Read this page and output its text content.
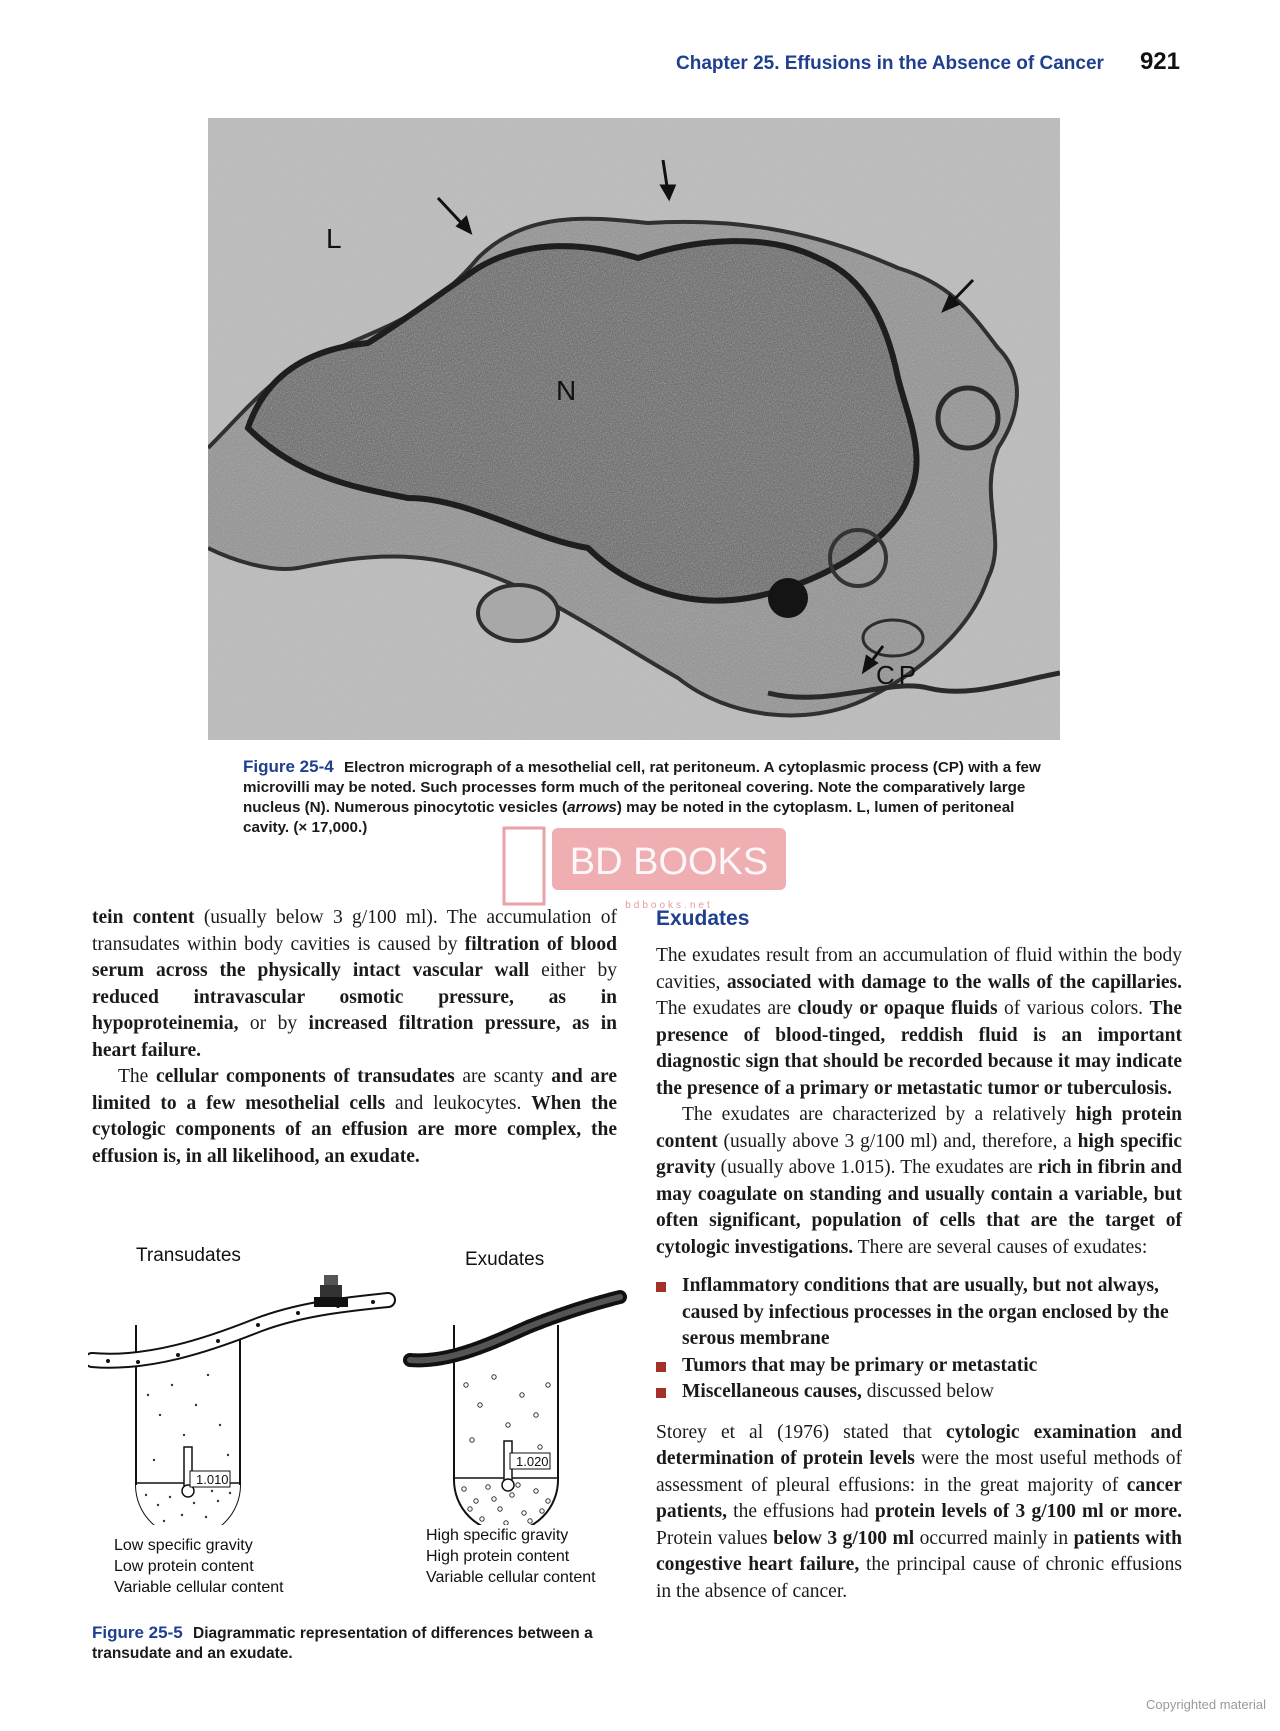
Chapter 25. Effusions in the Absence of Cancer 921
L
N
CP
Figure 25-4 Electron micrograph of a mesothelial cell, rat peritoneum. A cytoplasmic process (CP) with a few microvilli may be noted. Such processes form much of the peritoneal covering. Note the comparatively large nucleus (N). Numerous pinocytotic vesicles (arrows) may be noted in the cytoplasm. L, lumen of peritoneal cavity. (× 17,000.)
BD BOOKS
bdbooks.net

tein content (usually below 3 g/100 ml). The accumulation of transudates within body cavities is caused by filtration of blood serum across the physically intact vascular wall either by reduced intravascular osmotic pressure, as in hypoproteinemia, or by increased filtration pressure, as in heart failure.

The cellular components of transudates are scanty and are limited to a few mesothelial cells and leukocytes. When the cytologic components of an effusion are more complex, the effusion is, in all likelihood, an exudate.

Exudates

The exudates result from an accumulation of fluid within the body cavities, associated with damage to the walls of the capillaries. The exudates are cloudy or opaque fluids of various colors. The presence of blood-tinged, reddish fluid is an important diagnostic sign that should be recorded because it may indicate the presence of a primary or metastatic tumor or tuberculosis.

The exudates are characterized by a relatively high protein content (usually above 3 g/100 ml) and, therefore, a high specific gravity (usually above 1.015). The exudates are rich in fibrin and may coagulate on standing and usually contain a variable, but often significant, population of cells that are the target of cytologic investigations. There are several causes of exudates:

Inflammatory conditions that are usually, but not always, caused by infectious processes in the organ enclosed by the serous membrane
Tumors that may be primary or metastatic
Miscellaneous causes, discussed below

Storey et al (1976) stated that cytologic examination and determination of protein levels were the most useful methods of assessment of pleural effusions: in the great majority of cancer patients, the effusions had protein levels of 3 g/100 ml or more. Protein values below 3 g/100 ml occurred mainly in patients with congestive heart failure, the principal cause of chronic effusions in the absence of cancer.

Transudates	Exudates
1.010
1.020
Low specific gravity
Low protein content
Variable cellular content
High specific gravity
High protein content
Variable cellular content
Figure 25-5 Diagrammatic representation of differences between a transudate and an exudate.
Copyrighted material
